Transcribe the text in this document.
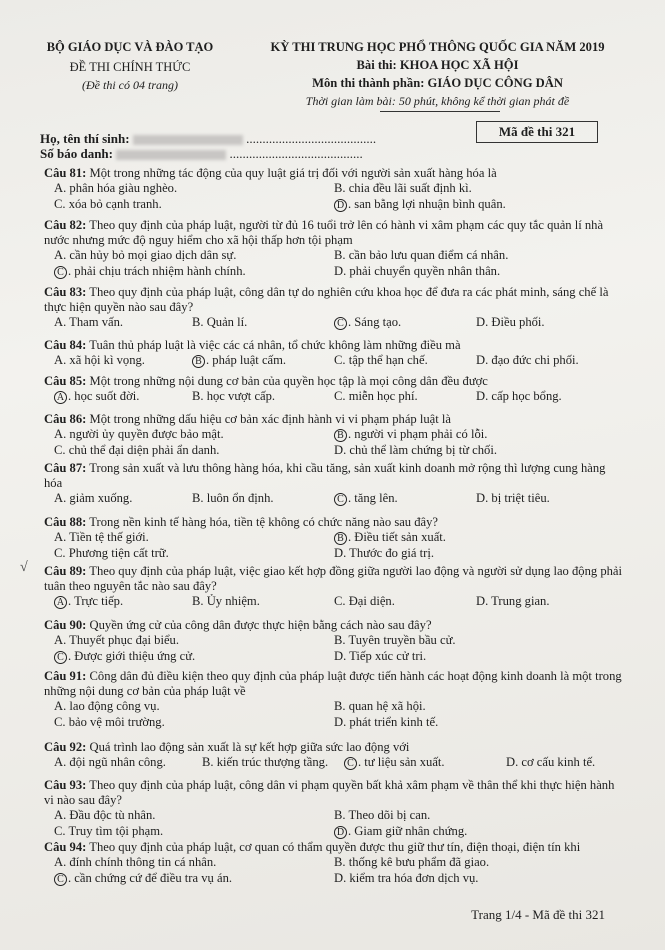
BỘ GIÁO DỤC VÀ ĐÀO TẠO
ĐỀ THI CHÍNH THỨC
(Đề thi có 04 trang)
KỲ THI TRUNG HỌC PHỔ THÔNG QUỐC GIA NĂM 2019
Bài thi: KHOA HỌC XÃ HỘI
Môn thi thành phần: GIÁO DỤC CÔNG DÂN
Thời gian làm bài: 50 phút, không kể thời gian phát đề
Họ, tên thí sinh:	........................................
Số báo danh:	.........................................
Mã đề thi 321
Câu 81: Một trong những tác động của quy luật giá trị đối với người sản xuất hàng hóa là
A. phân hóa giàu nghèo.	B. chia đều lãi suất định kì.
C. xóa bỏ cạnh tranh.	D . san bằng lợi nhuận bình quân.
Câu 82: Theo quy định của pháp luật, người từ đủ 16 tuổi trở lên có hành vi xâm phạm các quy tắc quản lí nhà nước nhưng mức độ nguy hiểm cho xã hội thấp hơn tội phạm
A. cần hủy bỏ mọi giao dịch dân sự.	B. cần bảo lưu quan điểm cá nhân.
C . phải chịu trách nhiệm hành chính.	D. phải chuyển quyền nhân thân.
Câu 83: Theo quy định của pháp luật, công dân tự do nghiên cứu khoa học để đưa ra các phát minh, sáng chế là thực hiện quyền nào sau đây?
A. Tham vấn.	B. Quản lí.	C . Sáng tạo.	D. Điều phối.
Câu 84: Tuân thủ pháp luật là việc các cá nhân, tổ chức không làm những điều mà
A. xã hội kì vọng.	B . pháp luật cấm.	C. tập thể hạn chế.	D. đạo đức chi phối.
Câu 85: Một trong những nội dung cơ bản của quyền học tập là mọi công dân đều được
A . học suốt đời.	B. học vượt cấp.	C. miễn học phí.	D. cấp học bổng.
Câu 86: Một trong những dấu hiệu cơ bản xác định hành vi vi phạm pháp luật là
A. người ủy quyền được bảo mật.	B . người vi phạm phải có lỗi.
C. chủ thể đại diện phải ẩn danh.	D. chủ thể làm chứng bị từ chối.
Câu 87: Trong sản xuất và lưu thông hàng hóa, khi cầu tăng, sản xuất kinh doanh mở rộng thì lượng cung hàng hóa
A. giảm xuống.	B. luôn ổn định.	C . tăng lên.	D. bị triệt tiêu.
Câu 88: Trong nền kinh tế hàng hóa, tiền tệ không có chức năng nào sau đây?
A. Tiền tệ thế giới.	B . Điều tiết sản xuất.
C. Phương tiện cất trữ.	D. Thước đo giá trị.
√ Câu 89: Theo quy định của pháp luật, việc giao kết hợp đồng giữa người lao động và người sử dụng lao động phải tuân theo nguyên tắc nào sau đây?
A . Trực tiếp.	B. Ủy nhiệm.	C. Đại diện.	D. Trung gian.
Câu 90: Quyền ứng cử của công dân được thực hiện bằng cách nào sau đây?
A. Thuyết phục đại biểu.	B. Tuyên truyền bầu cử.
C . Được giới thiệu ứng cử.	D. Tiếp xúc cử tri.
Câu 91: Công dân đủ điều kiện theo quy định của pháp luật được tiến hành các hoạt động kinh doanh là một trong những nội dung cơ bản của pháp luật về
A. lao động công vụ.	B. quan hệ xã hội.
C. bảo vệ môi trường.	D. phát triển kinh tế.
Câu 92: Quá trình lao động sản xuất là sự kết hợp giữa sức lao động với
A. đội ngũ nhân công.	B. kiến trúc thượng tầng.	C . tư liệu sản xuất.	D. cơ cấu kinh tế.
Câu 93: Theo quy định của pháp luật, công dân vi phạm quyền bất khả xâm phạm về thân thể khi thực hiện hành vi nào sau đây?
A. Đầu độc tù nhân.	B. Theo dõi bị can.
C. Truy tìm tội phạm.	D . Giam giữ nhân chứng.
Câu 94: Theo quy định của pháp luật, cơ quan có thẩm quyền được thu giữ thư tín, điện thoại, điện tín khi
A. đính chính thông tin cá nhân.	B. thống kê bưu phẩm đã giao.
C . cần chứng cứ để điều tra vụ án.	D. kiểm tra hóa đơn dịch vụ.
Trang 1/4 - Mã đề thi 321
